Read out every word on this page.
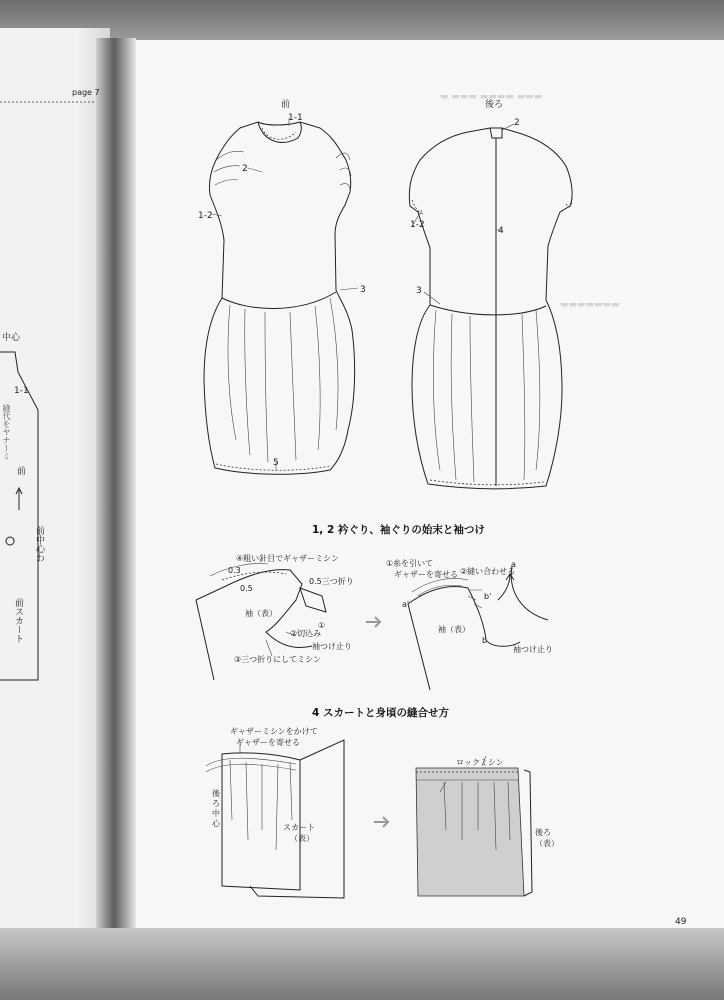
▬ ▬▬▬ ▬▬▬▬ ▬▬▬
▬▬▬▬▬▬▬
page 7
中心
1-1
縫代をヤナーミ
前
前中心わ
前スカート
前
1-1
2
1-2
3
5
後ろ
2
1-2
4
3
1, 2 衿ぐり、袖ぐりの始末と袖つけ
④粗い針目でギャザーミシン
0.3
0.5
0.5三つ折り
袖（表）
②切込み
①
袖つけ止り
③三つ折りにしてミシン
①糸を引いて
ギャザーを寄せる ②縫い合わせる
a
a'
b'
b
袖（表）
袖つけ止り
4 スカートと身頃の縫合せ方
ギャザーミシンをかけて
ギャザーを寄せる
後
ろ
中
心	スカート
（表）
ロックミシン
後ろ
（表）
49
